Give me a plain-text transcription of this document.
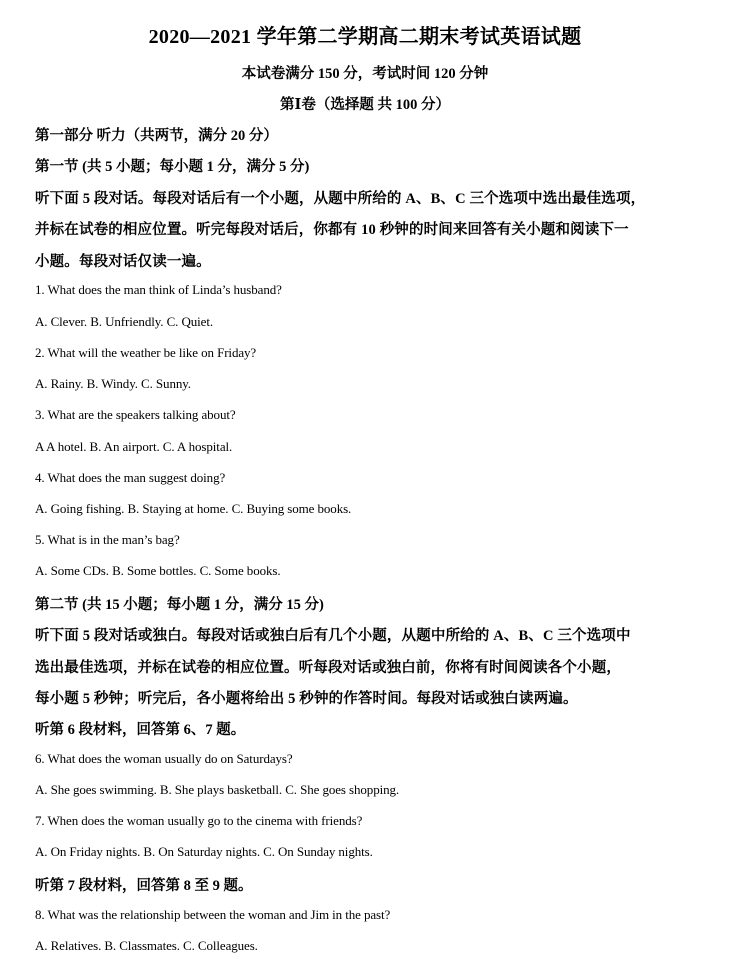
2020—2021 学年第二学期高二期末考试英语试题
本试卷满分 150 分，考试时间 120 分钟
第Ⅰ卷（选择题 共 100 分）
第一部分 听力（共两节，满分 20 分）
第一节 (共 5 小题；每小题 1 分，满分 5 分)
听下面 5 段对话。每段对话后有一个小题，从题中所给的 A、B、C 三个选项中选出最佳选项，
并标在试卷的相应位置。听完每段对话后，你都有 10 秒钟的时间来回答有关小题和阅读下一
小题。每段对话仅读一遍。
1. What does the man think of Linda’s husband?
A. Clever. B. Unfriendly. C. Quiet.
2. What will the weather be like on Friday?
A. Rainy. B. Windy. C. Sunny.
3. What are the speakers talking about?
A A hotel. B. An airport. C. A hospital.
4. What does the man suggest doing?
A. Going fishing. B. Staying at home. C. Buying some books.
5. What is in the man’s bag?
A. Some CDs. B. Some bottles. C. Some books.
第二节 (共 15 小题；每小题 1 分，满分 15 分)
听下面 5 段对话或独白。每段对话或独白后有几个小题，从题中所给的 A、B、C 三个选项中
选出最佳选项，并标在试卷的相应位置。听每段对话或独白前，你将有时间阅读各个小题，
每小题 5 秒钟；听完后，各小题将给出 5 秒钟的作答时间。每段对话或独白读两遍。
听第 6 段材料，回答第 6、7 题。
6. What does the woman usually do on Saturdays?
A. She goes swimming. B. She plays basketball. C. She goes shopping.
7. When does the woman usually go to the cinema with friends?
A. On Friday nights. B. On Saturday nights. C. On Sunday nights.
听第 7 段材料，回答第 8 至 9 题。
8. What was the relationship between the woman and Jim in the past?
A. Relatives. B. Classmates. C. Colleagues.
